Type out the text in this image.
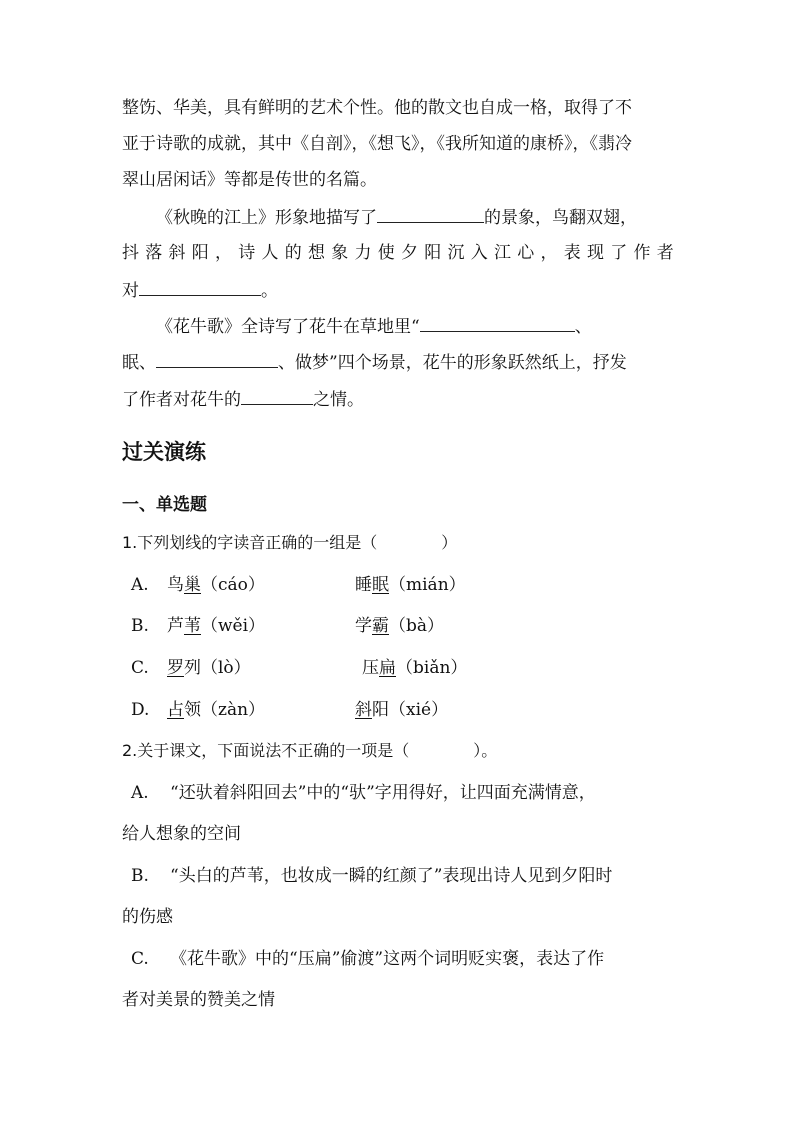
整饬、华美，具有鲜明的艺术个性。他的散文也自成一格，取得了不
亚于诗歌的成就，其中《自剖》，《想飞》，《我所知道的康桥》，《翡冷
翠山居闲话》等都是传世的名篇。
《秋晚的江上》形象地描写了	的景象，鸟翻双翅，
抖 落 斜 阳 ， 诗 人 的 想 象 力 使 夕 阳 沉 入 江 心 ， 表 现 了 作 者
对	。
《花牛歌》全诗写了花牛在草地里“	、
眠、	、做梦”四个场景，花牛的形象跃然纸上，抒发
了作者对花牛的	之情。
过关演练
一、单选题
1.下列划线的字读音正确的一组是（　　　　）
A. 鸟巢（cáo）	睡眠（mián）
B. 芦苇（wěi）	学霸（bà）
C. 罗列（lò）	压扁（biǎn）
D. 占领（zàn）	斜阳（xié）
2.关于课文，下面说法不正确的一项是（　　　　）。
A. “还驮着斜阳回去”中的“驮”字用得好，让四面充满情意，
给人想象的空间
B. “头白的芦苇，也妆成一瞬的红颜了”表现出诗人见到夕阳时
的伤感
C. 《花牛歌》中的“压扁”偷渡”这两个词明贬实褒，表达了作
者对美景的赞美之情
